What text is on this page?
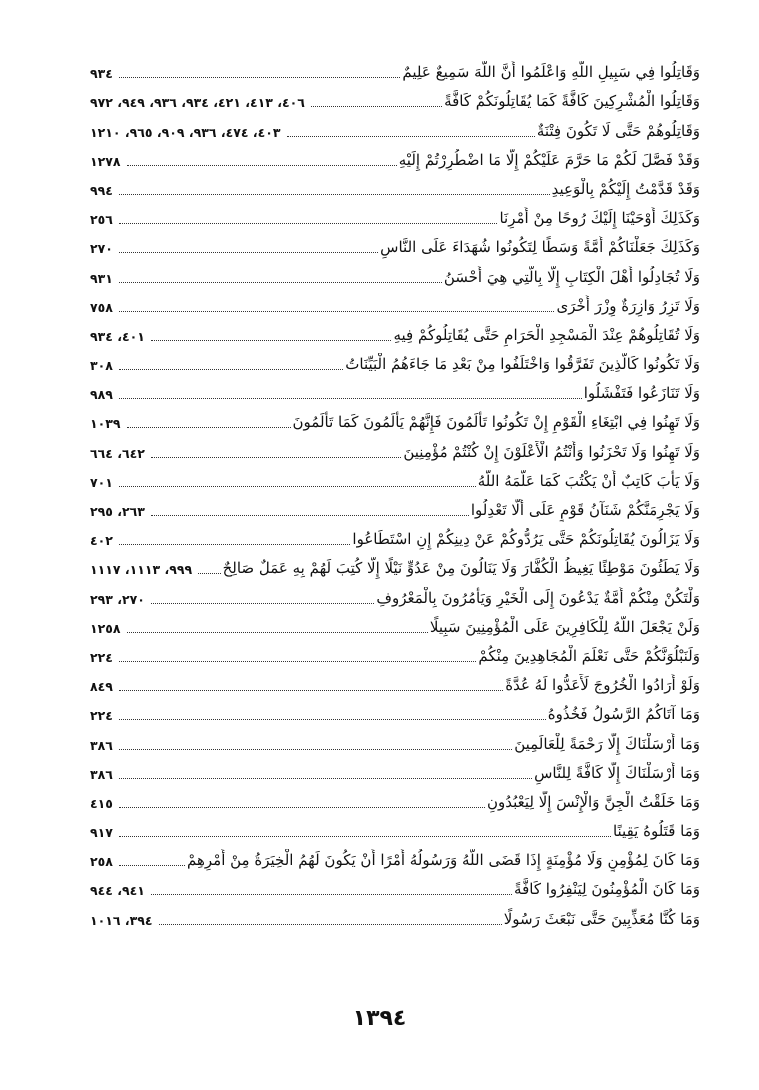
٩٣٤	وَقَاتِلُوا فِي سَبِيلِ اللَّهِ وَاعْلَمُوا أَنَّ اللَّهَ سَمِيعٌ عَلِيمٌ
٤٠٦، ٤١٣، ٤٢١، ٩٣٤، ٩٣٦، ٩٤٩، ٩٧٢	وَقَاتِلُوا الْمُشْرِكِينَ كَافَّةً كَمَا يُقَاتِلُونَكُمْ كَافَّةً
٤٠٣، ٤٧٤، ٩٣٦، ٩٠٩، ٩٦٥، ١٢١٠	وَقَاتِلُوهُمْ حَتَّى لَا تَكُونَ فِتْنَةٌ
١٢٧٨	وَقَدْ فَصَّلَ لَكُمْ مَا حَرَّمَ عَلَيْكُمْ إِلَّا مَا اضْطُرِرْتُمْ إِلَيْهِ
٩٩٤	وَقَدْ قَدَّمْتُ إِلَيْكُمْ بِالْوَعِيدِ
٢٥٦	وَكَذَلِكَ أَوْحَيْنَا إِلَيْكَ رُوحًا مِنْ أَمْرِنَا
٢٧٠	وَكَذَلِكَ جَعَلْنَاكُمْ أُمَّةً وَسَطًا لِتَكُونُوا شُهَدَاءَ عَلَى النَّاسِ
٩٣١	وَلَا تُجَادِلُوا أَهْلَ الْكِتَابِ إِلَّا بِالَّتِي هِيَ أَحْسَنُ
٧٥٨	وَلَا تَزِرُ وَازِرَةٌ وِزْرَ أُخْرَى
٤٠١، ٩٣٤	وَلَا تُقَاتِلُوهُمْ عِنْدَ الْمَسْجِدِ الْحَرَامِ حَتَّى يُقَاتِلُوكُمْ فِيهِ
٣٠٨	وَلَا تَكُونُوا كَالَّذِينَ تَفَرَّقُوا وَاخْتَلَفُوا مِنْ بَعْدِ مَا جَاءَهُمُ الْبَيِّنَاتُ
٩٨٩	وَلَا تَنَازَعُوا فَتَفْشَلُوا
١٠٣٩	وَلَا تَهِنُوا فِي ابْتِغَاءِ الْقَوْمِ إِنْ تَكُونُوا تَأْلَمُونَ فَإِنَّهُمْ يَأْلَمُونَ كَمَا تَأْلَمُونَ
٦٤٢، ٦٦٤	وَلَا تَهِنُوا وَلَا تَحْزَنُوا وَأَنْتُمُ الْأَعْلَوْنَ إِنْ كُنْتُمْ مُؤْمِنِينَ
٧٠١	وَلَا يَأْبَ كَاتِبٌ أَنْ يَكْتُبَ كَمَا عَلَّمَهُ اللَّهُ
٢٦٣، ٢٩٥	وَلَا يَجْرِمَنَّكُمْ شَنَآنُ قَوْمٍ عَلَى أَلَّا تَعْدِلُوا
٤٠٢	وَلَا يَزَالُونَ يُقَاتِلُونَكُمْ حَتَّى يَرُدُّوكُمْ عَنْ دِينِكُمْ إِنِ اسْتَطَاعُوا
٩٩٩، ١١١٣، ١١١٧ وَلَا يَطَئُونَ مَوْطِئًا يَغِيظُ الْكُفَّارَ وَلَا يَنَالُونَ مِنْ عَدُوٍّ نَيْلًا إِلَّا كُتِبَ لَهُمْ بِهِ عَمَلٌ صَالِحٌ
٢٧٠، ٢٩٣	وَلْتَكُنْ مِنْكُمْ أُمَّةٌ يَدْعُونَ إِلَى الْخَيْرِ وَيَأْمُرُونَ بِالْمَعْرُوفِ
١٢٥٨	وَلَنْ يَجْعَلَ اللَّهُ لِلْكَافِرِينَ عَلَى الْمُؤْمِنِينَ سَبِيلًا
٢٢٤	وَلَنَبْلُوَنَّكُمْ حَتَّى نَعْلَمَ الْمُجَاهِدِينَ مِنْكُمْ
٨٤٩	وَلَوْ أَرَادُوا الْخُرُوجَ لَأَعَدُّوا لَهُ عُدَّةً
٢٢٤	وَمَا آتَاكُمُ الرَّسُولُ فَخُذُوهُ
٣٨٦	وَمَا أَرْسَلْنَاكَ إِلَّا رَحْمَةً لِلْعَالَمِينَ
٣٨٦	وَمَا أَرْسَلْنَاكَ إِلَّا كَافَّةً لِلنَّاسِ
٤١٥	وَمَا خَلَقْتُ الْجِنَّ وَالْإِنْسَ إِلَّا لِيَعْبُدُونِ
٩١٧	وَمَا قَتَلُوهُ يَقِينًا
٢٥٨	وَمَا كَانَ لِمُؤْمِنٍ وَلَا مُؤْمِنَةٍ إِذَا قَضَى اللَّهُ وَرَسُولُهُ أَمْرًا أَنْ يَكُونَ لَهُمُ الْخِيَرَةُ مِنْ أَمْرِهِمْ
٩٤١، ٩٤٤	وَمَا كَانَ الْمُؤْمِنُونَ لِيَنْفِرُوا كَافَّةً
٣٩٤، ١٠١٦	وَمَا كُنَّا مُعَذِّبِينَ حَتَّى نَبْعَثَ رَسُولًا
١٣٩٤
